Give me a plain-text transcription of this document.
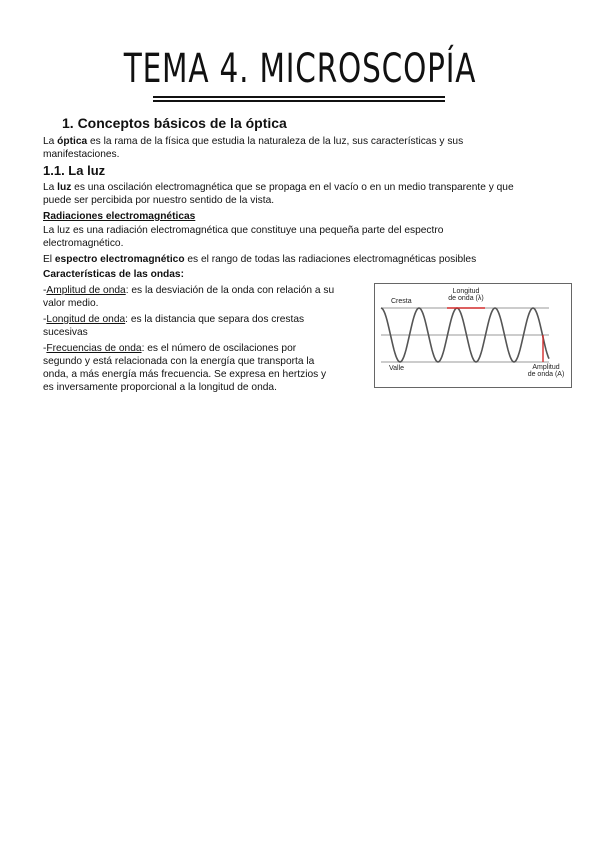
TEMA 4. MICROSCOPÍA
1. Conceptos básicos de la óptica
La óptica es la rama de la física que estudia la naturaleza de la luz, sus características y sus
manifestaciones.
1.1. La luz
La luz es una oscilación electromagnética que se propaga en el vacío o en un medio transparente y que
puede ser percibida por nuestro sentido de la vista.
Radiaciones electromagnéticas
La luz es una radiación electromagnética que constituye una pequeña parte del espectro
electromagnético.
El espectro electromagnético es el rango de todas las radiaciones electromagnéticas posibles
Características de las ondas:
-Amplitud de onda: es la desviación de la onda con relación a su
valor medio.
-Longitud de onda: es la distancia que separa dos crestas
sucesivas
-Frecuencias de onda: es el número de oscilaciones por
segundo y está relacionada con la energía que transporta la
onda, a más energía más frecuencia. Se expresa en hertzios y
es inversamente proporcional a la longitud de onda.
Cresta
Longitud
de onda (λ)
Valle	Amplitud
de onda (A)
